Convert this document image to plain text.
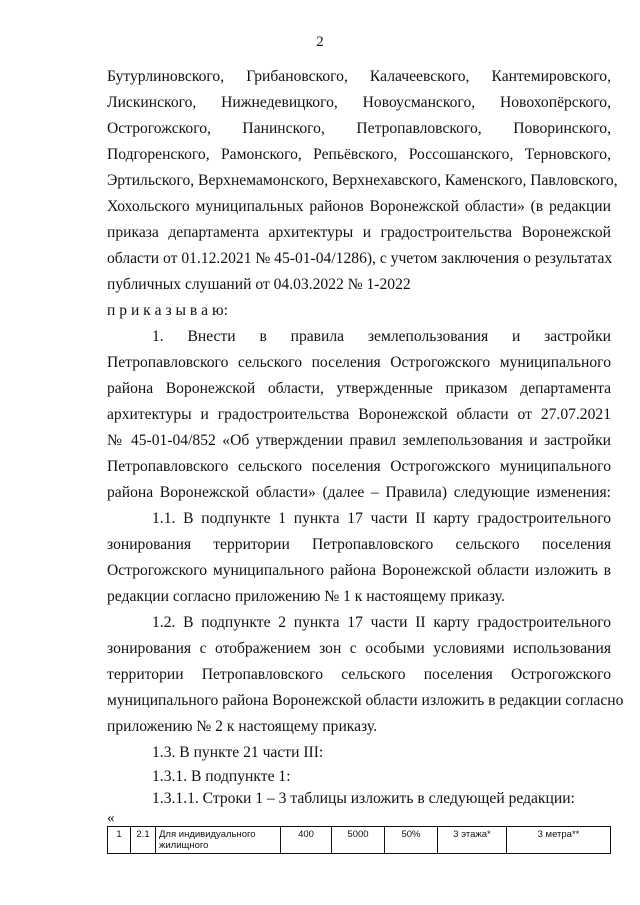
2
Бутурлиновского, Грибановского, Калачеевского, Кантемировского,
Лискинского, Нижнедевицкого, Новоусманского, Новохопёрского,
Острогожского, Панинского, Петропавловского, Поворинского,
Подгоренского, Рамонского, Репьёвского, Россошанского, Терновского,
Эртильского, Верхнемамонского, Верхнехавского, Каменского, Павловского,
Хохольского муниципальных районов Воронежской области» (в редакции
приказа департамента архитектуры и градостроительства Воронежской
области от 01.12.2021 № 45-01-04/1286), с учетом заключения о результатах
публичных слушаний от 04.03.2022 № 1-2022
п р и к а з ы в а ю:
1. Внести в правила землепользования и застройки
Петропавловского сельского поселения Острогожского муниципального
района Воронежской области, утвержденные приказом департамента
архитектуры и градостроительства Воронежской области от 27.07.2021
№ 45-01-04/852 «Об утверждении правил землепользования и застройки
Петропавловского сельского поселения Острогожского муниципального
района Воронежской области» (далее – Правила) следующие изменения:
1.1. В подпункте 1 пункта 17 части II карту градостроительного
зонирования территории Петропавловского сельского поселения
Острогожского муниципального района Воронежской области изложить в
редакции согласно приложению № 1 к настоящему приказу.
1.2. В подпункте 2 пункта 17 части II карту градостроительного
зонирования с отображением зон с особыми условиями использования
территории Петропавловского сельского поселения Острогожского
муниципального района Воронежской области изложить в редакции согласно
приложению № 2 к настоящему приказу.
1.3. В пункте 21 части III:
1.3.1. В подпункте 1:
1.3.1.1. Строки 1 – 3 таблицы изложить в следующей редакции:
«
1	2.1	Для индивидуального жилищного	400	5000	50%	3 этажа*	3 метра**
